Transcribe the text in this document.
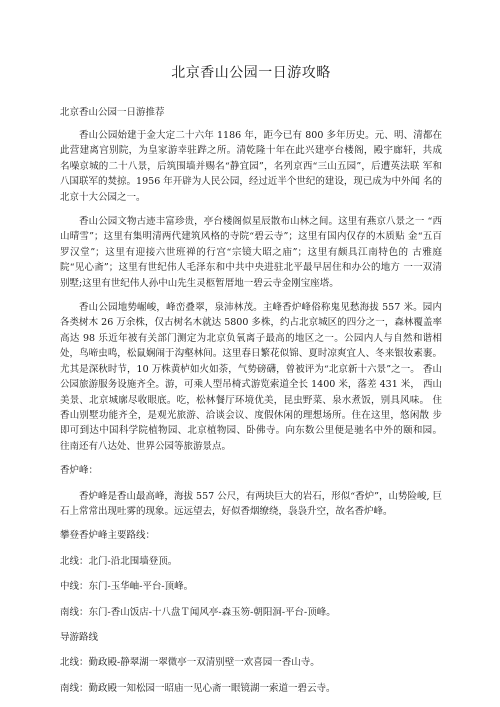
北京香山公园一日游攻略
北京香山公园一日游推荐

香山公园始建于金大定二十六年 1186 年，距今已有 800 多年历史。元、明、清都在 此营建离宫别院，为皇家游幸驻跸之所。清乾隆十年在此兴建亭台楼阁，殿宇廊轩，共成 名噪京城的二十八景，后筑围墙并赐名“静宜园”，名列京西“三山五园”，后遭英法联 军和八国联军的焚掠。1956 年开辟为人民公园，经过近半个世纪的建设，现已成为中外闻 名的北京十大公园之一。

香山公园文物古迹丰富珍贵，亭台楼阁似星辰散布山林之间。这里有燕京八景之一 “西山晴雪”；这里有集明清两代建筑风格的寺院“碧云寺”；这里有国内仅存的木质贴 金“五百罗汉堂”；这里有迎接六世班禅的行宫“宗镜大昭之庙”；这里有颇具江南特色的 古雅庭院“见心斋”；这里有世纪伟人毛泽东和中共中央进驻北平最早居住和办公的地方 一一双清别墅;这里有世纪伟人孙中山先生灵柩暂厝地一碧云寺金刚宝座塔。

香山公园地势崛峻，峰峦叠翠，泉沛林茂。主峰香炉峰俗称鬼见愁海拔 557 米。园内 各类树木 26 万余株，仅古树名木就达 5800 多株，约占北京城区的四分之一，森林覆盖率 高达 98 乐近年被有关部门测定为北京负氧离子最高的地区之一。公园内人与自然和谐相 处，鸟啼虫鸣，松鼠娴闹于沟壑林间。这里春日繁花似锦、夏时凉爽宜人、冬来银妆素裹。 尤其是深秋时节，10 万株黄栌如火如荼，气势磅礴，曾被评为“北京新十六景”之一。 香山公园旅游服务设施齐全。游，可乘人型吊椅式游览索道全长 1400 米，落差 431 米， 西山美景、北京城廓尽收眼底。吃，松林餐厅环境优美，昆虫野菜、泉水煮饭，别具风味。 住香山别墅功能齐全，是观光旅游、洽谈会议、度假休闲的理想场所。住在这里，悠闲散 步即可到达中国科学院植物园、北京植物园、卧佛寺。向东数公里便是驰名中外的颐和园。 往南还有八达处、世界公园等旅游景点。

香炉峰：

香炉峰是香山最高峰，海拔 557 公尺，有两块巨大的岩石，形似“香炉”，山势险峻, 巨石上常常出现吐雾的现象。远远望去，好似香烟缭绕，袅袅升空，故名香炉峰。

攀登香炉峰主要路线：

北线：北门-沿北围墙登顶。

中线：东门-玉华岫-平台-顶峰。

南线：东门-香山饭店-十八盘Ｔ闻风亭-森玉笏-朝阳洞-平台-顶峰。

导游路线

北线：勤政殿-静翠湖一翠微亭一双清别壁一欢喜园一香山寺。

南线：勤政殿一知松园一昭庙一见心斋一眼镜湖一索道一碧云寺。
